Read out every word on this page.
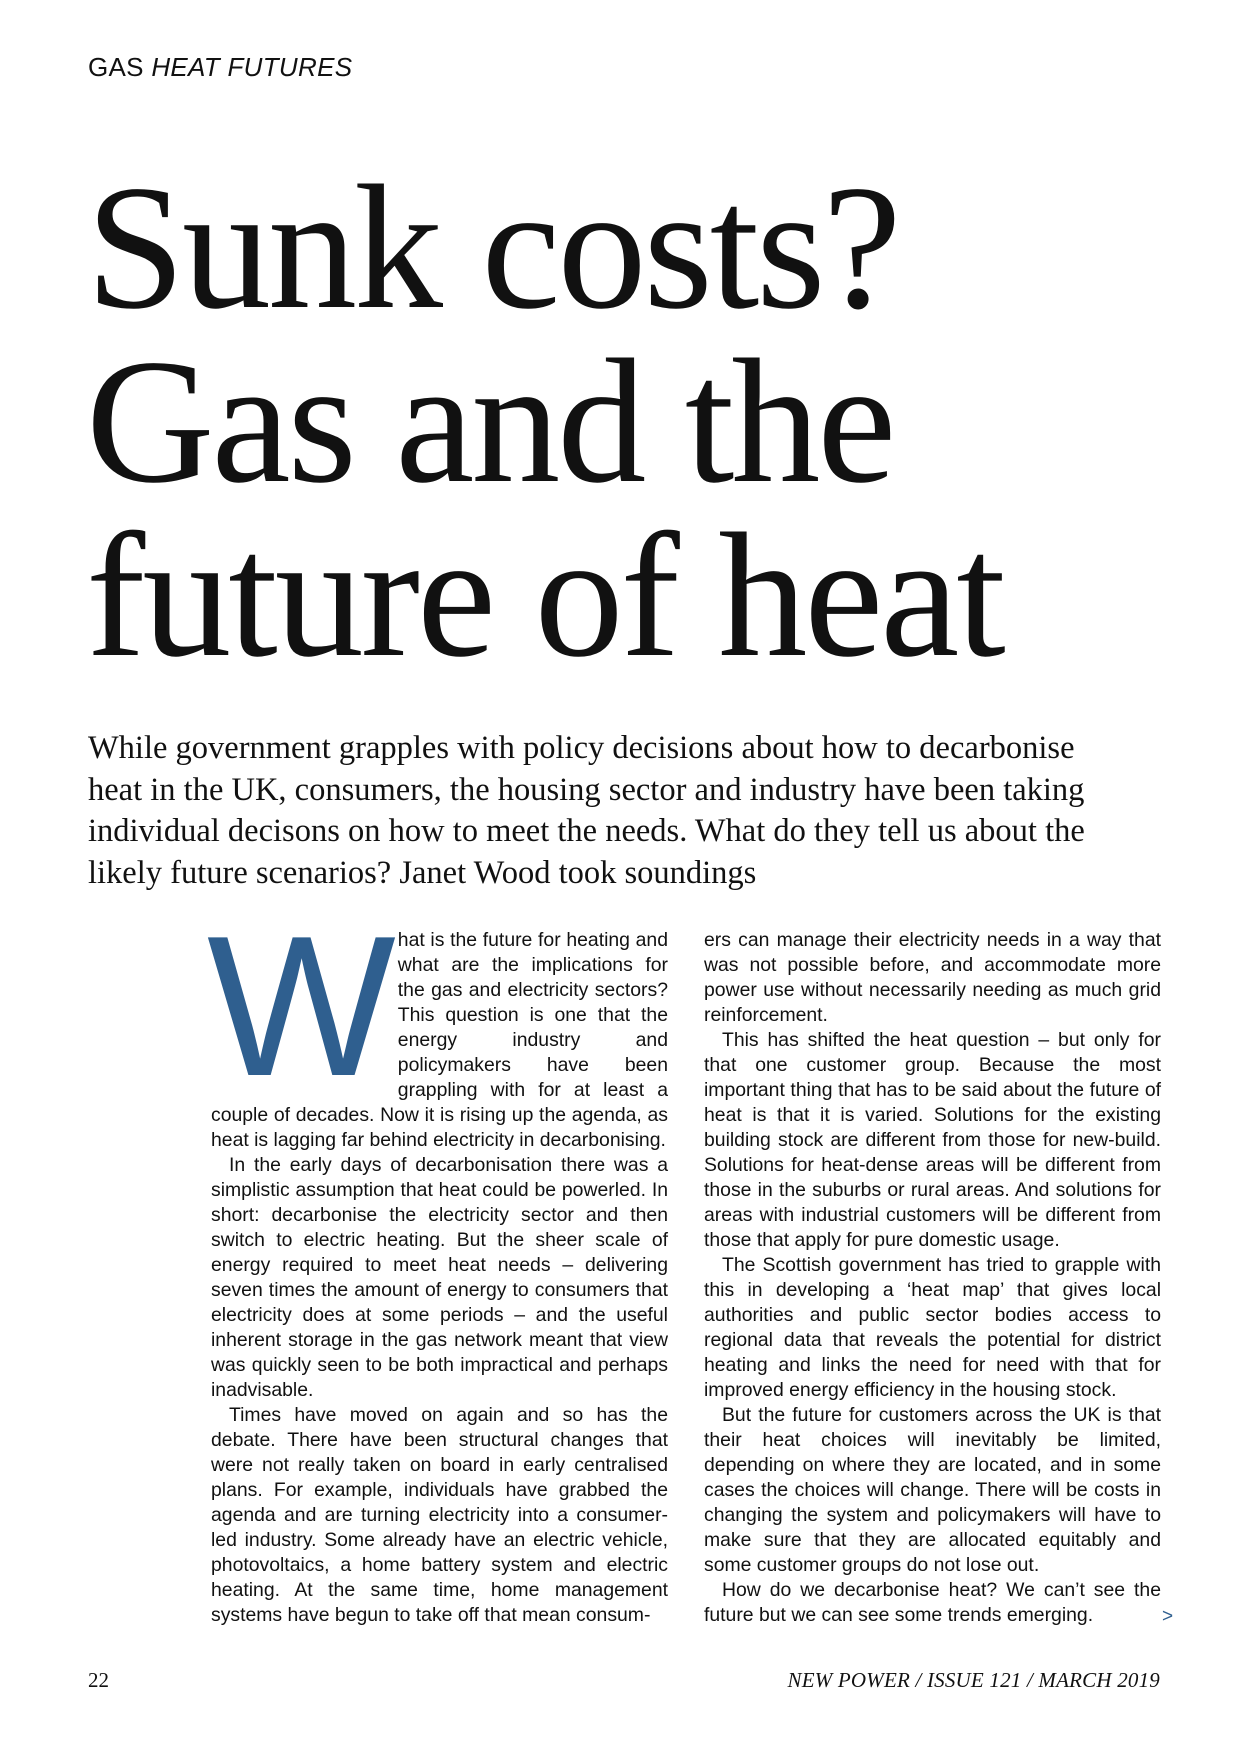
GAS HEAT FUTURES
Sunk costs?
Gas and the
future of heat

While government grapples with policy decisions about how to decarbonise
heat in the UK, consumers, the housing sector and industry have been taking
individual decisons on how to meet the needs. What do they tell us about the
likely future scenarios? Janet Wood took soundings

W hat is the future for heating and what are the implications for the gas and electricity sectors? This question is one that the energy industry and policymakers have been grappling with for at least a couple of decades. Now it is rising up the agenda, as heat is lagging far behind electricity in decarbonising.

In the early days of decarbonisation there was a simplistic assumption that heat could be powerled. In short: decarbonise the electricity sector and then switch to electric heating. But the sheer scale of energy required to meet heat needs – delivering seven times the amount of energy to consumers that electricity does at some periods – and the useful inherent storage in the gas network meant that view was quickly seen to be both impractical and perhaps inadvisable.

Times have moved on again and so has the debate. There have been structural changes that were not really taken on board in early centralised plans. For example, individuals have grabbed the agenda and are turning electricity into a consumer-led industry. Some already have an electric vehicle, photovoltaics, a home battery system and electric heating. At the same time, home management systems have begun to take off that mean consum-

ers can manage their electricity needs in a way that was not possible before, and accommodate more power use without necessarily needing as much grid reinforcement.

This has shifted the heat question – but only for that one customer group. Because the most important thing that has to be said about the future of heat is that it is varied. Solutions for the existing building stock are different from those for new-build. Solutions for heat-dense areas will be different from those in the suburbs or rural areas. And solutions for areas with industrial customers will be different from those that apply for pure domestic usage.

The Scottish government has tried to grapple with this in developing a ‘heat map’ that gives local authorities and public sector bodies access to regional data that reveals the potential for district heating and links the need for need with that for improved energy efficiency in the housing stock.

But the future for customers across the UK is that their heat choices will inevitably be limited, depending on where they are located, and in some cases the choices will change. There will be costs in changing the system and policymakers will have to make sure that they are allocated equitably and some customer groups do not lose out.

How do we decarbonise heat? We can’t see the future but we can see some trends emerging.	>
22	NEW POWER / ISSUE 121 / MARCH 2019
